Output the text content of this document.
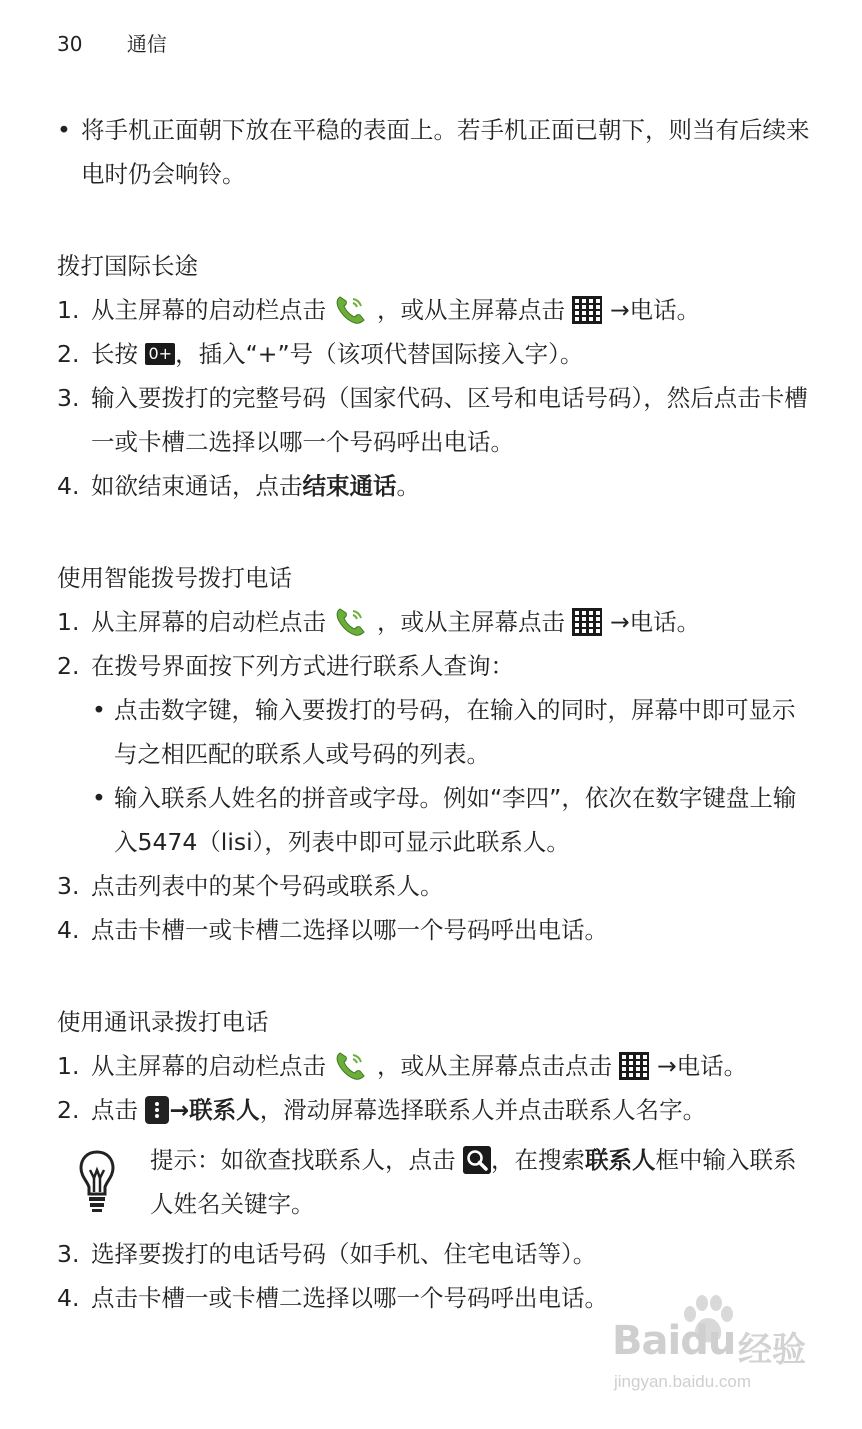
30 通信
• 将手机正面朝下放在平稳的表面上。若手机正面已朝下，则当有后续来电时仍会响铃。
拨打国际长途
1. 从主屏幕的启动栏点击 ，或从主屏幕点击 →电话。
2. 长按 0+ ，插入“+”号（该项代替国际接入字）。
3. 输入要拨打的完整号码（国家代码、区号和电话号码），然后点击卡槽一或卡槽二选择以哪一个号码呼出电话。
4. 如欲结束通话，点击结束通话。
使用智能拨号拨打电话
1. 从主屏幕的启动栏点击 ，或从主屏幕点击 →电话。
2. 在拨号界面按下列方式进行联系人查询：
• 点击数字键，输入要拨打的号码，在输入的同时，屏幕中即可显示与之相匹配的联系人或号码的列表。
• 输入联系人姓名的拼音或字母。例如“李四”，依次在数字键盘上输入5474（lisi），列表中即可显示此联系人。
3. 点击列表中的某个号码或联系人。
4. 点击卡槽一或卡槽二选择以哪一个号码呼出电话。
使用通讯录拨打电话
1. 从主屏幕的启动栏点击 ，或从主屏幕点击点击 →电话。
2. 点击 →联系人，滑动屏幕选择联系人并点击联系人名字。
提示：如欲查找联系人，点击 ，在搜索联系人框中输入联系人姓名关键字。
3. 选择要拨打的电话号码（如手机、住宅电话等）。
4. 点击卡槽一或卡槽二选择以哪一个号码呼出电话。
Baidu 经验
jingyan.baidu.com
